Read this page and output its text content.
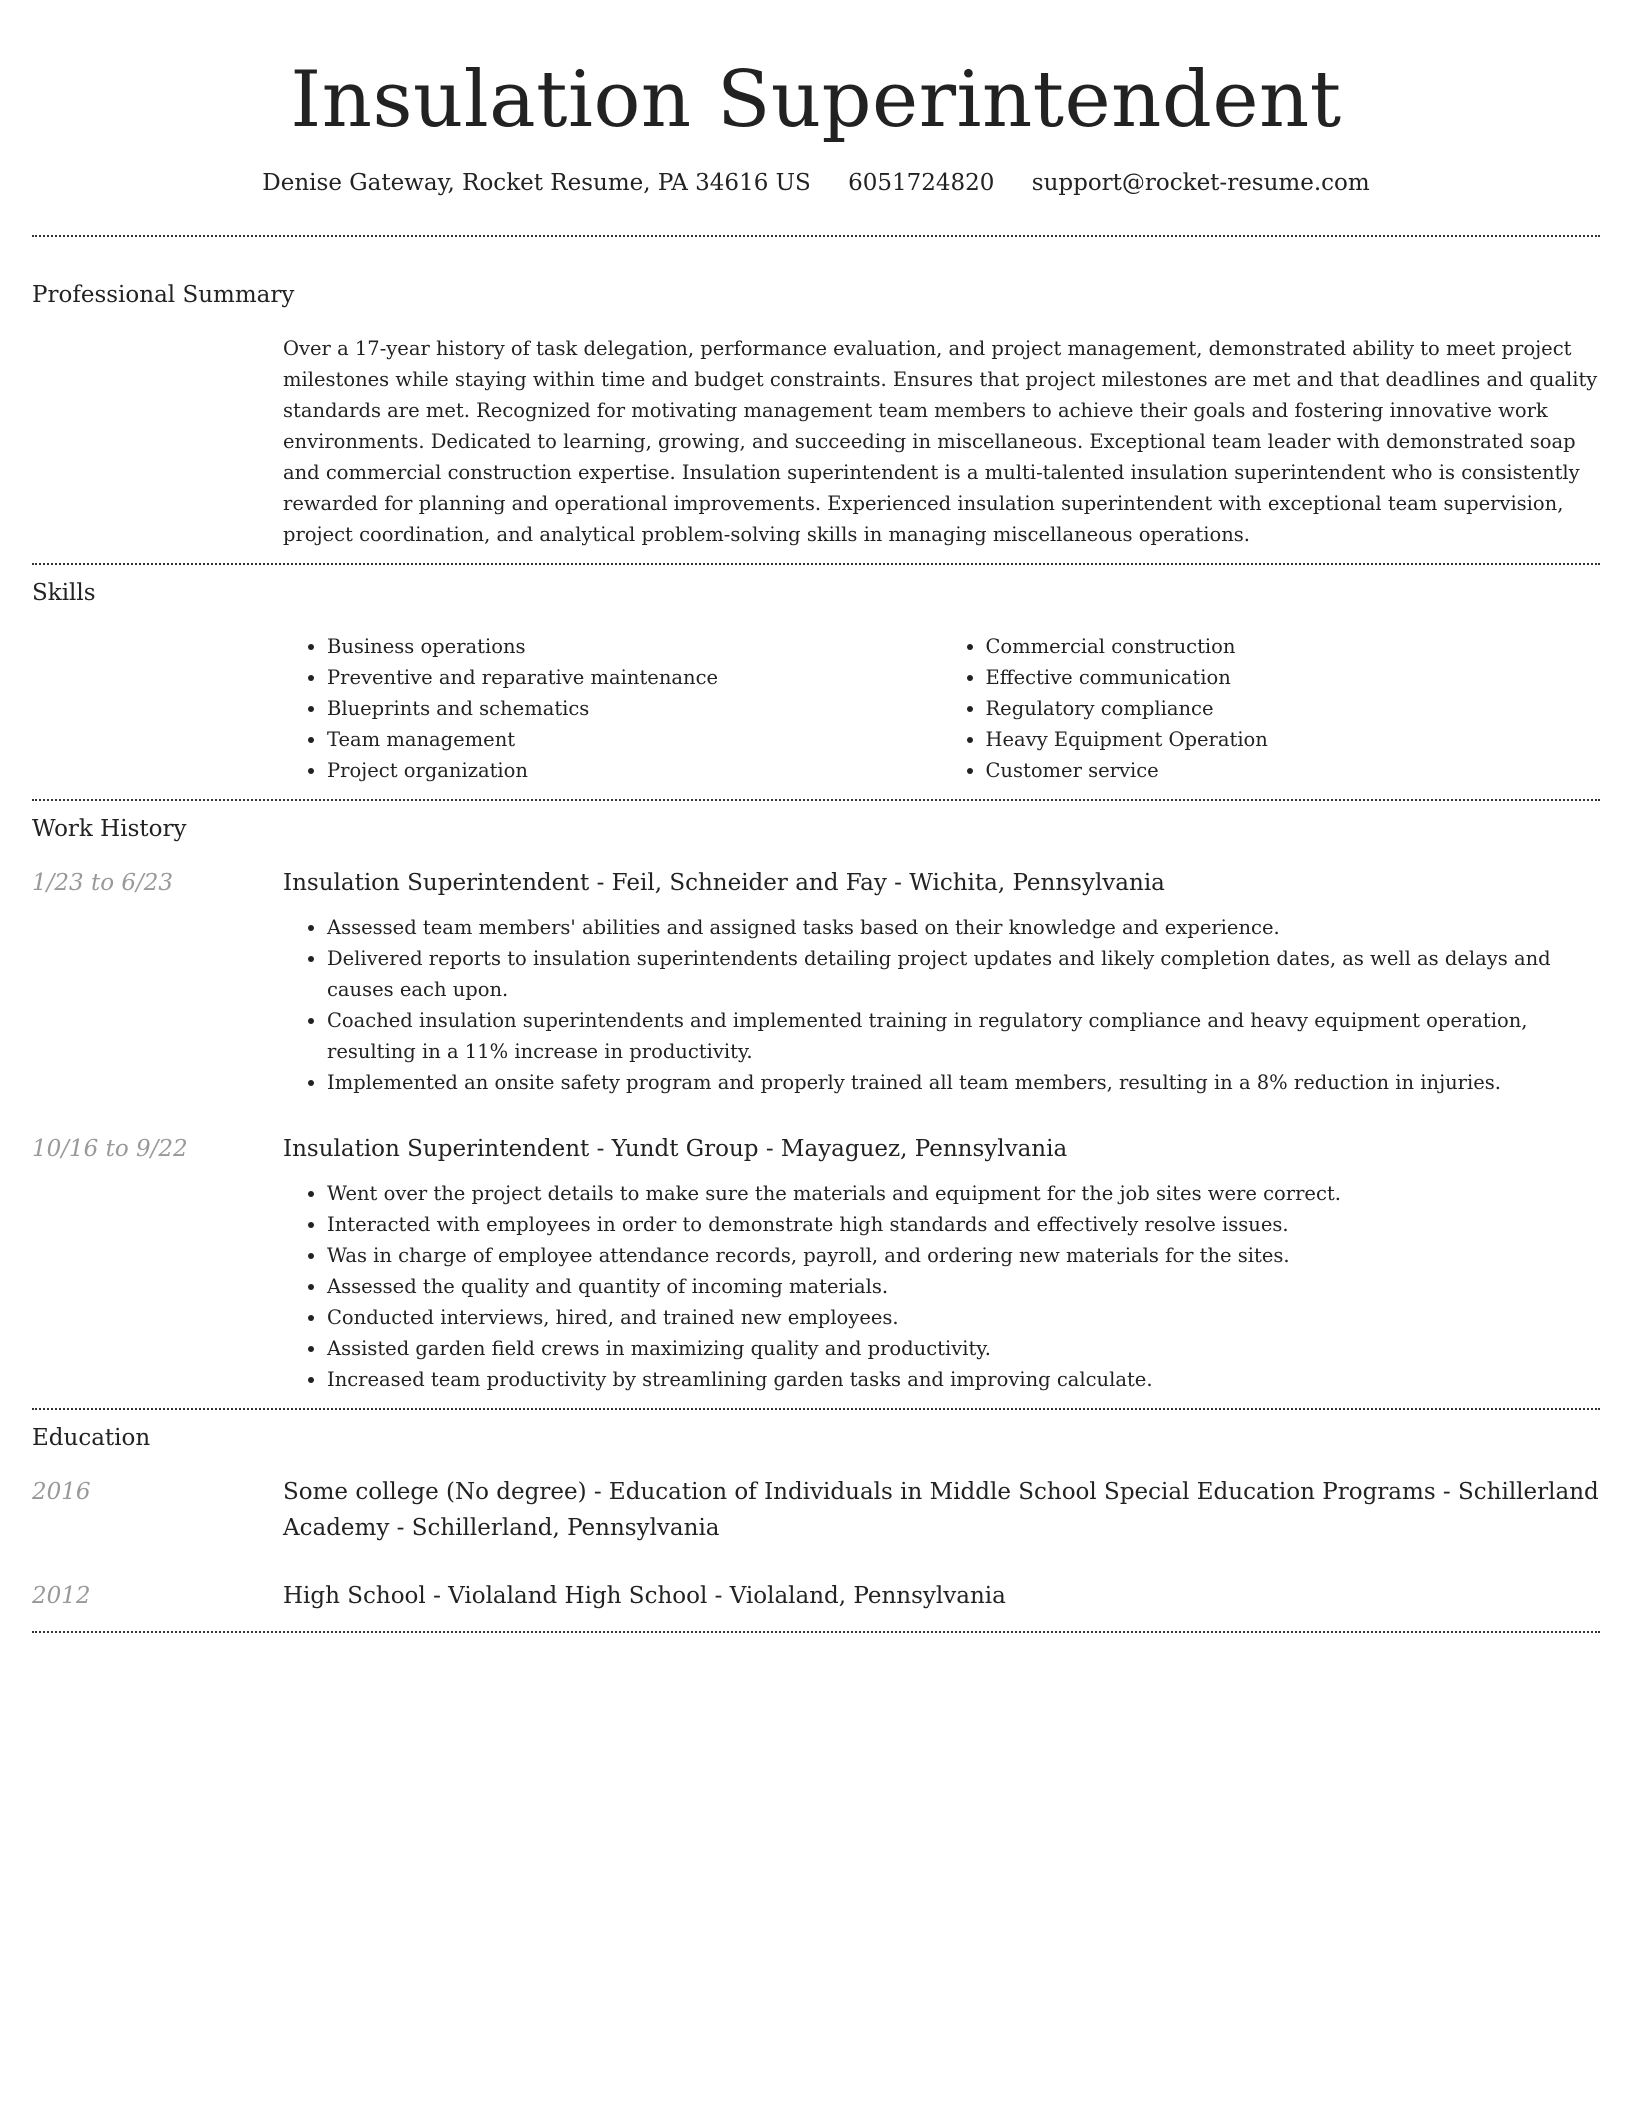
Insulation Superintendent
Denise Gateway, Rocket Resume, PA 34616 US 6051724820 support@rocket-resume.com
Professional Summary

Over a 17-year history of task delegation, performance evaluation, and project management, demonstrated ability to meet project milestones while staying within time and budget constraints. Ensures that project milestones are met and that deadlines and quality standards are met. Recognized for motivating management team members to achieve their goals and fostering innovative work environments. Dedicated to learning, growing, and succeeding in miscellaneous. Exceptional team leader with demonstrated soap and commercial construction expertise. Insulation superintendent is a multi-talented insulation superintendent who is consistently rewarded for planning and operational improvements. Experienced insulation superintendent with exceptional team supervision, project coordination, and analytical problem-solving skills in managing miscellaneous operations.

Skills
• Business operations
• Preventive and reparative maintenance
• Blueprints and schematics
• Team management
• Project organization
• Commercial construction
• Effective communication
• Regulatory compliance
• Heavy Equipment Operation
• Customer service
Work History
1/23 to 6/23	Insulation Superintendent - Feil, Schneider and Fay - Wichita, Pennsylvania
• Assessed team members' abilities and assigned tasks based on their knowledge and experience.
• Delivered reports to insulation superintendents detailing project updates and likely completion dates, as well as delays and causes each upon.
• Coached insulation superintendents and implemented training in regulatory compliance and heavy equipment operation, resulting in a 11% increase in productivity.
• Implemented an onsite safety program and properly trained all team members, resulting in a 8% reduction in injuries.
10/16 to 9/22	Insulation Superintendent - Yundt Group - Mayaguez, Pennsylvania
• Went over the project details to make sure the materials and equipment for the job sites were correct.
• Interacted with employees in order to demonstrate high standards and effectively resolve issues.
• Was in charge of employee attendance records, payroll, and ordering new materials for the sites.
• Assessed the quality and quantity of incoming materials.
• Conducted interviews, hired, and trained new employees.
• Assisted garden field crews in maximizing quality and productivity.
• Increased team productivity by streamlining garden tasks and improving calculate.
Education
2016	Some college (No degree) - Education of Individuals in Middle School Special Education Programs - Schillerland Academy - Schillerland, Pennsylvania
2012	High School - Violaland High School - Violaland, Pennsylvania
